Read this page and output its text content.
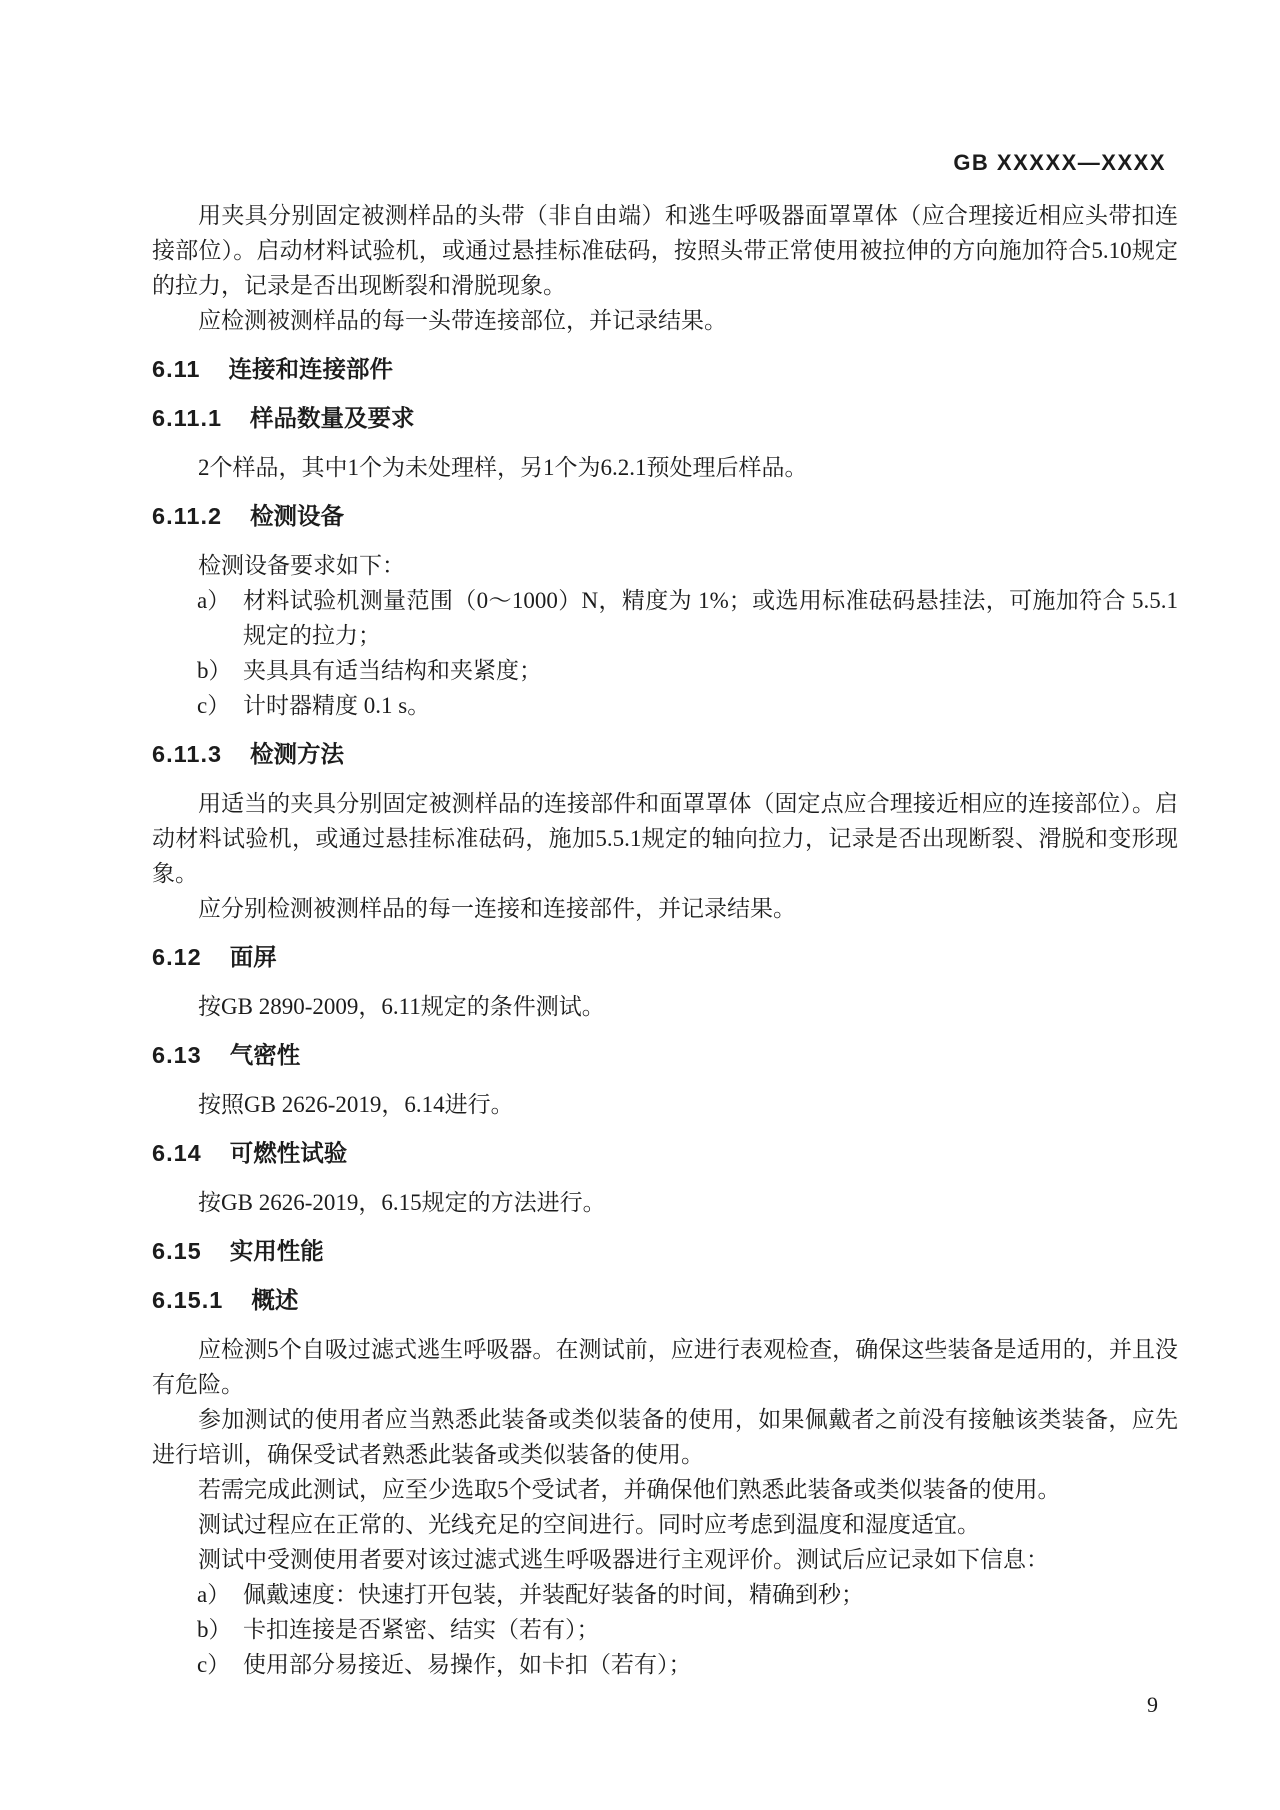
GB XXXXX—XXXX

用夹具分别固定被测样品的头带（非自由端）和逃生呼吸器面罩罩体（应合理接近相应头带扣连接部位）。启动材料试验机，或通过悬挂标准砝码，按照头带正常使用被拉伸的方向施加符合5.10规定的拉力，记录是否出现断裂和滑脱现象。

应检测被测样品的每一头带连接部位，并记录结果。

6.11 连接和连接部件
6.11.1 样品数量及要求

2个样品，其中1个为未处理样，另1个为6.2.1预处理后样品。

6.11.2 检测设备

检测设备要求如下：

a） 材料试验机测量范围（0～1000）N，精度为 1%；或选用标准砝码悬挂法，可施加符合 5.5.1 规定的拉力；
b） 夹具具有适当结构和夹紧度；
c） 计时器精度 0.1 s。
6.11.3 检测方法

用适当的夹具分别固定被测样品的连接部件和面罩罩体（固定点应合理接近相应的连接部位）。启动材料试验机，或通过悬挂标准砝码，施加5.5.1规定的轴向拉力，记录是否出现断裂、滑脱和变形现象。

应分别检测被测样品的每一连接和连接部件，并记录结果。

6.12 面屏

按GB 2890-2009，6.11规定的条件测试。

6.13 气密性

按照GB 2626-2019，6.14进行。

6.14 可燃性试验

按GB 2626-2019，6.15规定的方法进行。

6.15 实用性能
6.15.1 概述

应检测5个自吸过滤式逃生呼吸器。在测试前，应进行表观检查，确保这些装备是适用的，并且没有危险。

参加测试的使用者应当熟悉此装备或类似装备的使用，如果佩戴者之前没有接触该类装备，应先进行培训，确保受试者熟悉此装备或类似装备的使用。

若需完成此测试，应至少选取5个受试者，并确保他们熟悉此装备或类似装备的使用。

测试过程应在正常的、光线充足的空间进行。同时应考虑到温度和湿度适宜。

测试中受测使用者要对该过滤式逃生呼吸器进行主观评价。测试后应记录如下信息：

a） 佩戴速度：快速打开包装，并装配好装备的时间，精确到秒；
b） 卡扣连接是否紧密、结实（若有）；
c） 使用部分易接近、易操作，如卡扣（若有）；
9
